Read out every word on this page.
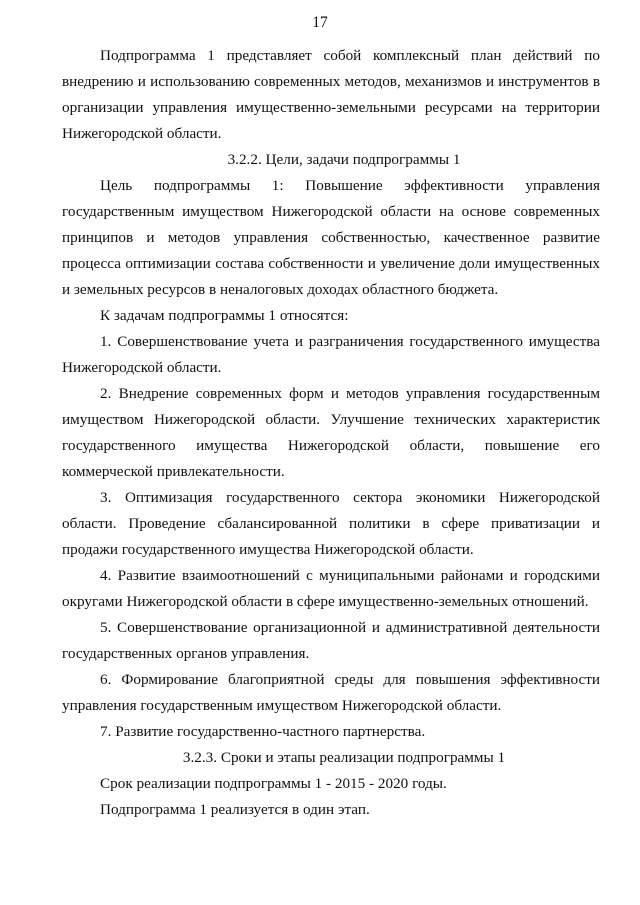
17

Подпрограмма 1 представляет собой комплексный план действий по внедрению и использованию современных методов, механизмов и инструментов в организации управления имущественно-земельными ресурсами на территории Нижегородской области.

3.2.2. Цели, задачи подпрограммы 1

Цель подпрограммы 1: Повышение эффективности управления государственным имуществом Нижегородской области на основе современных принципов и методов управления собственностью, качественное развитие процесса оптимизации состава собственности и увеличение доли имущественных и земельных ресурсов в неналоговых доходах областного бюджета.

К задачам подпрограммы 1 относятся:

1. Совершенствование учета и разграничения государственного имущества Нижегородской области.

2. Внедрение современных форм и методов управления государственным имуществом Нижегородской области. Улучшение технических характеристик государственного имущества Нижегородской области, повышение его коммерческой привлекательности.

3. Оптимизация государственного сектора экономики Нижегородской области. Проведение сбалансированной политики в сфере приватизации и продажи государственного имущества Нижегородской области.

4. Развитие взаимоотношений с муниципальными районами и городскими округами Нижегородской области в сфере имущественно-земельных отношений.

5. Совершенствование организационной и административной деятельности государственных органов управления.

6. Формирование благоприятной среды для повышения эффективности управления государственным имуществом Нижегородской области.

7. Развитие государственно-частного партнерства.

3.2.3. Сроки и этапы реализации подпрограммы 1

Срок реализации подпрограммы 1 - 2015 - 2020 годы.

Подпрограмма 1 реализуется в один этап.
